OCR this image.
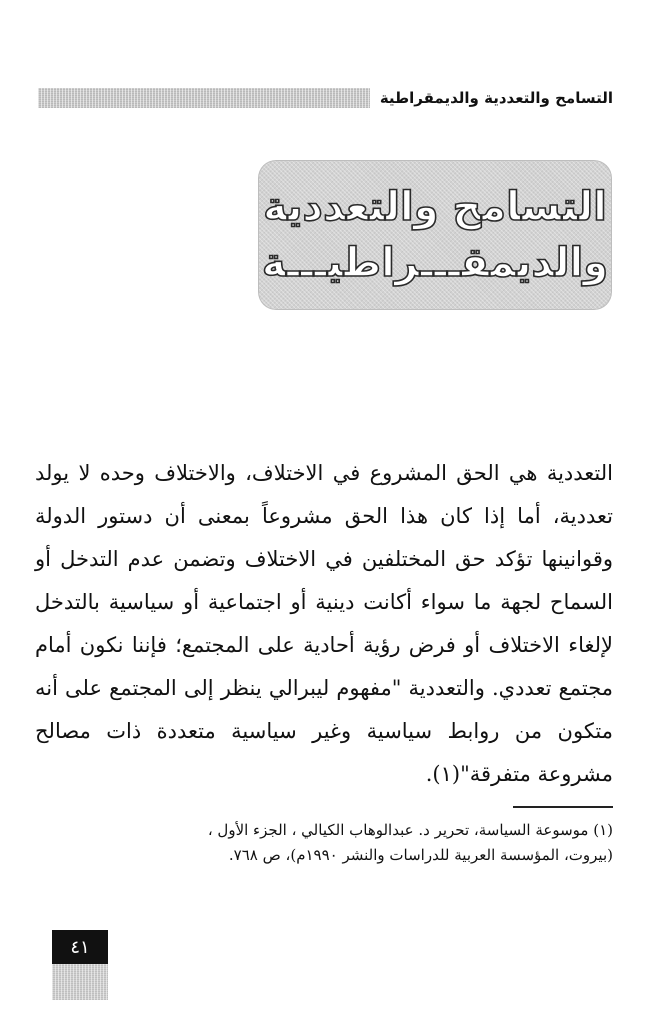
التسامح والتعددية والديمقراطية
التسامح والتعددية
والديمقـــراطيـــة

التعددية هي الحق المشروع في الاختلاف، والاختلاف وحده لا يولد تعددية، أما إذا كان هذا الحق مشروعاً بمعنى أن دستور الدولة وقوانينها تؤكد حق المختلفين في الاختلاف وتضمن عدم التدخل أو السماح لجهة ما سواء أكانت دينية أو اجتماعية أو سياسية بالتدخل لإلغاء الاختلاف أو فرض رؤية أحادية على المجتمع؛ فإننا نكون أمام مجتمع تعددي. والتعددية "مفهوم ليبرالي ينظر إلى المجتمع على أنه متكون من روابط سياسية وغير سياسية متعددة ذات مصالح مشروعة متفرقة"(١).

(١) موسوعة السياسة، تحرير د. عبدالوهاب الكيالي ، الجزء الأول ،

(بيروت، المؤسسة العربية للدراسات والنشر ١٩٩٠م)، ص ٧٦٨.

٤١
